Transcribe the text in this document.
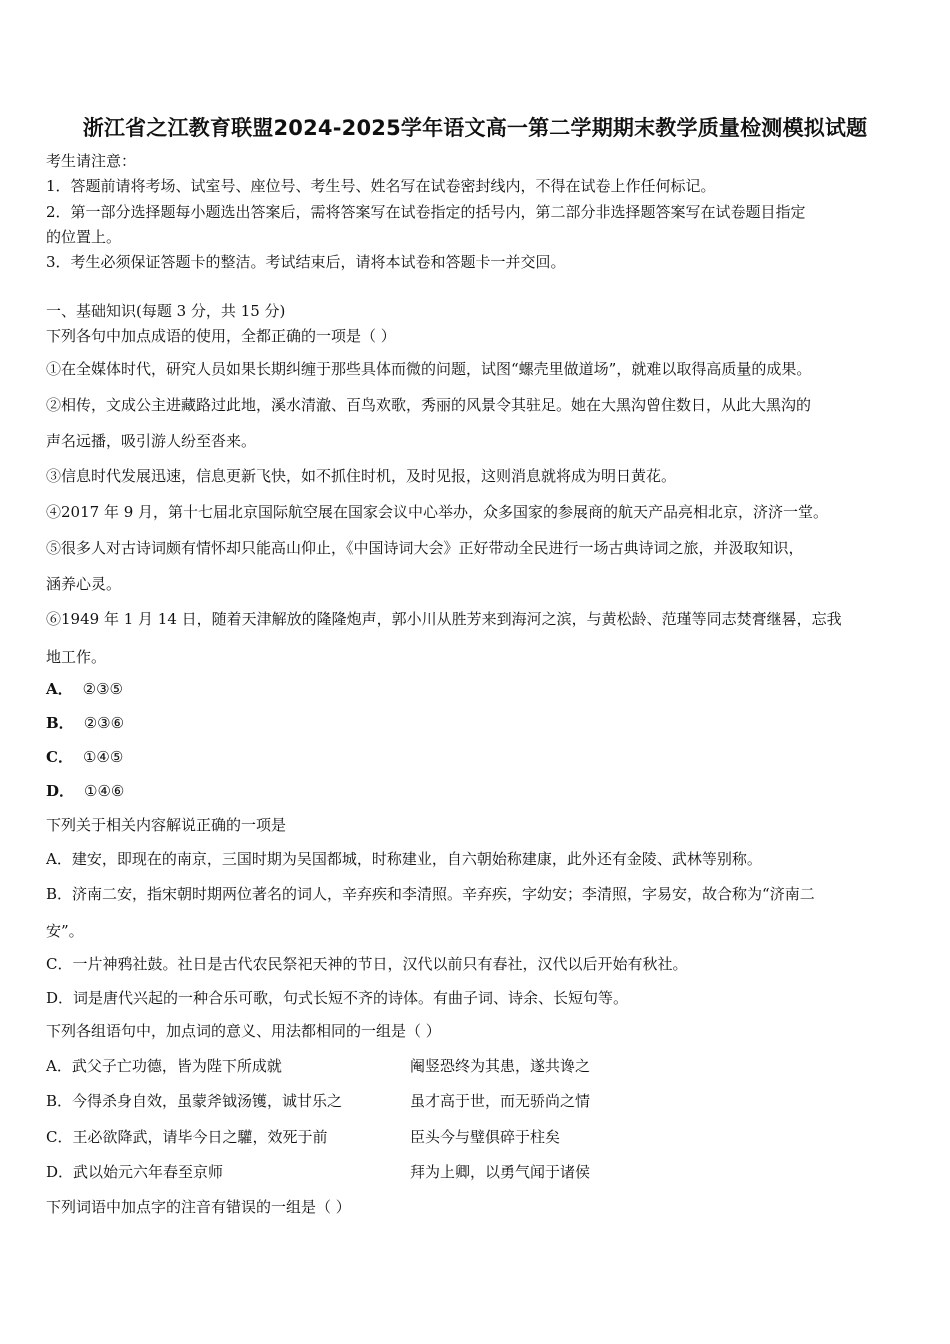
浙江省之江教育联盟2024-2025学年语文高一第二学期期末教学质量检测模拟试题
考生请注意：
1．答题前请将考场、试室号、座位号、考生号、姓名写在试卷密封线内，不得在试卷上作任何标记。
2．第一部分选择题每小题选出答案后，需将答案写在试卷指定的括号内，第二部分非选择题答案写在试卷题目指定
的位置上。
3．考生必须保证答题卡的整洁。考试结束后，请将本试卷和答题卡一并交回。
一、基础知识(每题 3 分，共 15 分)
下列各句中加点成语的使用，全都正确的一项是（ ）
①在全媒体时代，研究人员如果长期纠缠于那些具体而微的问题，试图“螺壳里做道场”，就难以取得高质量的成果。
②相传，文成公主进藏路过此地，溪水清澈、百鸟欢歌，秀丽的风景令其驻足。她在大黑沟曾住数日，从此大黑沟的
声名远播，吸引游人纷至沓来。
③信息时代发展迅速，信息更新飞快，如不抓住时机，及时见报，这则消息就将成为明日黄花。
④2017 年 9 月，第十七届北京国际航空展在国家会议中心举办，众多国家的参展商的航天产品亮相北京，济济一堂。
⑤很多人对古诗词颇有情怀却只能高山仰止，《中国诗词大会》正好带动全民进行一场古典诗词之旅，并汲取知识，
涵养心灵。
⑥1949 年 1 月 14 日，随着天津解放的隆隆炮声，郭小川从胜芳来到海河之滨，与黄松龄、范瑾等同志焚膏继晷，忘我
地工作。
A． ②③⑤
B． ②③⑥
C． ①④⑤
D． ①④⑥
下列关于相关内容解说正确的一项是
A．建安，即现在的南京，三国时期为吴国都城，时称建业，自六朝始称建康，此外还有金陵、武林等别称。
B．济南二安，指宋朝时期两位著名的词人，辛弃疾和李清照。辛弃疾，字幼安；李清照，字易安，故合称为“济南二
安”。
C．一片神鸦社鼓。社日是古代农民祭祀天神的节日，汉代以前只有春社，汉代以后开始有秋社。
D．词是唐代兴起的一种合乐可歌，句式长短不齐的诗体。有曲子词、诗余、长短句等。
下列各组语句中，加点词的意义、用法都相同的一组是（ ）
A．武父子亡功德，皆为陛下所成就	阉竖恐终为其患，遂共谗之
B．今得杀身自效，虽蒙斧钺汤镬，诚甘乐之	虽才高于世，而无骄尚之情
C．王必欲降武，请毕今日之驩，效死于前	臣头今与璧俱碎于柱矣
D．武以始元六年春至京师	拜为上卿，以勇气闻于诸侯
下列词语中加点字的注音有错误的一组是（ ）
